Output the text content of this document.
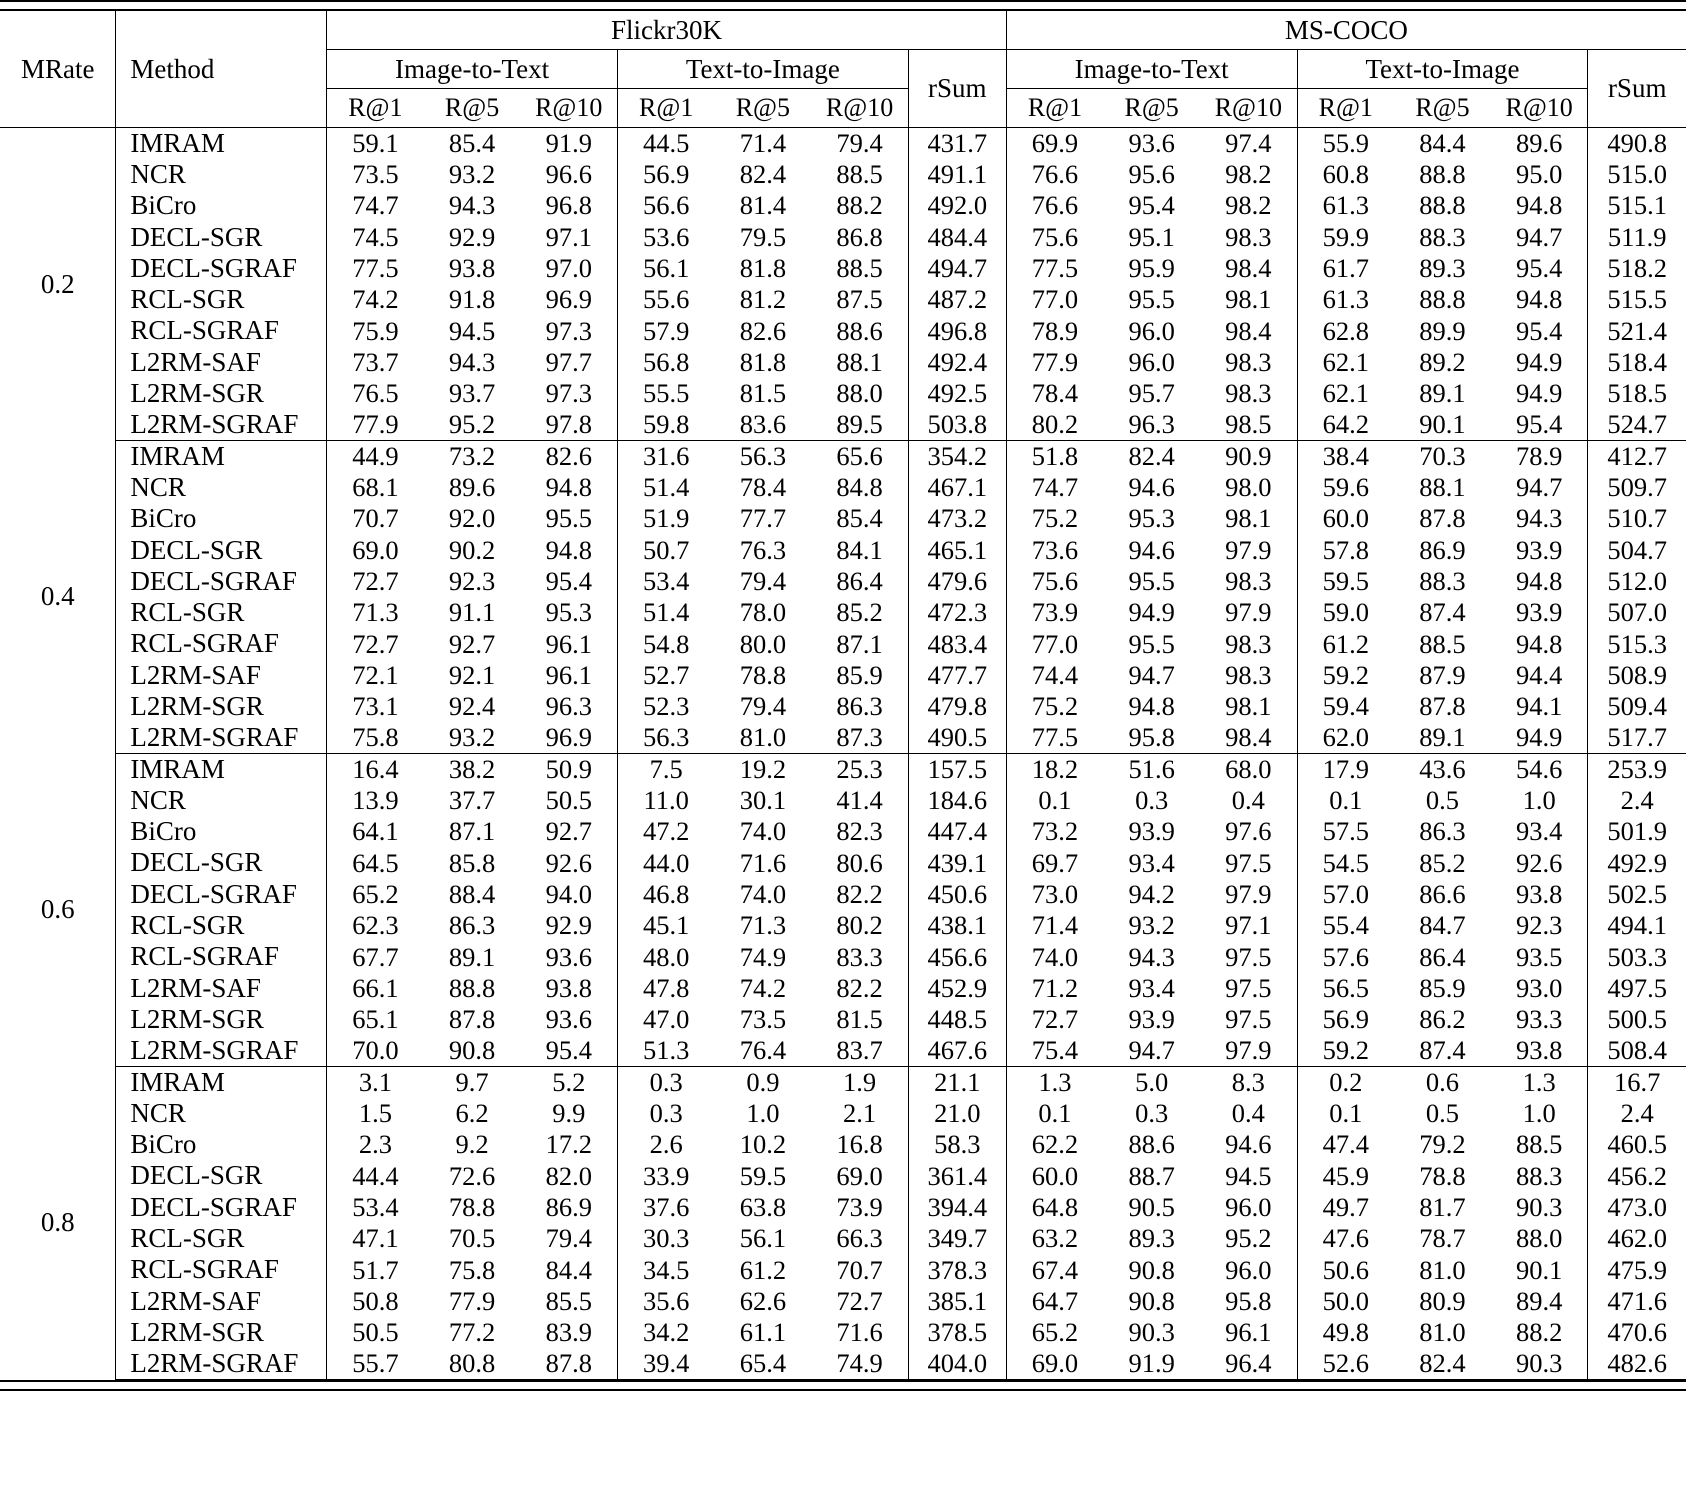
MRate	Method	Flickr30K							MS-COCO						
		Image-to-Text			Text-to-Image			rSum	Image-to-Text			Text-to-Image			rSum
		R@1	R@5	R@10	R@1	R@5	R@10		R@1	R@5	R@10	R@1	R@5	R@10	
0.2	IMRAM	59.1	85.4	91.9	44.5	71.4	79.4	431.7	69.9	93.6	97.4	55.9	84.4	89.6	490.8
	NCR	73.5	93.2	96.6	56.9	82.4	88.5	491.1	76.6	95.6	98.2	60.8	88.8	95.0	515.0
	BiCro	74.7	94.3	96.8	56.6	81.4	88.2	492.0	76.6	95.4	98.2	61.3	88.8	94.8	515.1
	DECL-SGR	74.5	92.9	97.1	53.6	79.5	86.8	484.4	75.6	95.1	98.3	59.9	88.3	94.7	511.9
	DECL-SGRAF	77.5	93.8	97.0	56.1	81.8	88.5	494.7	77.5	95.9	98.4	61.7	89.3	95.4	518.2
	RCL-SGR	74.2	91.8	96.9	55.6	81.2	87.5	487.2	77.0	95.5	98.1	61.3	88.8	94.8	515.5
	RCL-SGRAF	75.9	94.5	97.3	57.9	82.6	88.6	496.8	78.9	96.0	98.4	62.8	89.9	95.4	521.4
	L2RM-SAF	73.7	94.3	97.7	56.8	81.8	88.1	492.4	77.9	96.0	98.3	62.1	89.2	94.9	518.4
	L2RM-SGR	76.5	93.7	97.3	55.5	81.5	88.0	492.5	78.4	95.7	98.3	62.1	89.1	94.9	518.5
	L2RM-SGRAF	77.9	95.2	97.8	59.8	83.6	89.5	503.8	80.2	96.3	98.5	64.2	90.1	95.4	524.7
0.4	IMRAM	44.9	73.2	82.6	31.6	56.3	65.6	354.2	51.8	82.4	90.9	38.4	70.3	78.9	412.7
	NCR	68.1	89.6	94.8	51.4	78.4	84.8	467.1	74.7	94.6	98.0	59.6	88.1	94.7	509.7
	BiCro	70.7	92.0	95.5	51.9	77.7	85.4	473.2	75.2	95.3	98.1	60.0	87.8	94.3	510.7
	DECL-SGR	69.0	90.2	94.8	50.7	76.3	84.1	465.1	73.6	94.6	97.9	57.8	86.9	93.9	504.7
	DECL-SGRAF	72.7	92.3	95.4	53.4	79.4	86.4	479.6	75.6	95.5	98.3	59.5	88.3	94.8	512.0
	RCL-SGR	71.3	91.1	95.3	51.4	78.0	85.2	472.3	73.9	94.9	97.9	59.0	87.4	93.9	507.0
	RCL-SGRAF	72.7	92.7	96.1	54.8	80.0	87.1	483.4	77.0	95.5	98.3	61.2	88.5	94.8	515.3
	L2RM-SAF	72.1	92.1	96.1	52.7	78.8	85.9	477.7	74.4	94.7	98.3	59.2	87.9	94.4	508.9
	L2RM-SGR	73.1	92.4	96.3	52.3	79.4	86.3	479.8	75.2	94.8	98.1	59.4	87.8	94.1	509.4
	L2RM-SGRAF	75.8	93.2	96.9	56.3	81.0	87.3	490.5	77.5	95.8	98.4	62.0	89.1	94.9	517.7
0.6	IMRAM	16.4	38.2	50.9	7.5	19.2	25.3	157.5	18.2	51.6	68.0	17.9	43.6	54.6	253.9
	NCR	13.9	37.7	50.5	11.0	30.1	41.4	184.6	0.1	0.3	0.4	0.1	0.5	1.0	2.4
	BiCro	64.1	87.1	92.7	47.2	74.0	82.3	447.4	73.2	93.9	97.6	57.5	86.3	93.4	501.9
	DECL-SGR	64.5	85.8	92.6	44.0	71.6	80.6	439.1	69.7	93.4	97.5	54.5	85.2	92.6	492.9
	DECL-SGRAF	65.2	88.4	94.0	46.8	74.0	82.2	450.6	73.0	94.2	97.9	57.0	86.6	93.8	502.5
	RCL-SGR	62.3	86.3	92.9	45.1	71.3	80.2	438.1	71.4	93.2	97.1	55.4	84.7	92.3	494.1
	RCL-SGRAF	67.7	89.1	93.6	48.0	74.9	83.3	456.6	74.0	94.3	97.5	57.6	86.4	93.5	503.3
	L2RM-SAF	66.1	88.8	93.8	47.8	74.2	82.2	452.9	71.2	93.4	97.5	56.5	85.9	93.0	497.5
	L2RM-SGR	65.1	87.8	93.6	47.0	73.5	81.5	448.5	72.7	93.9	97.5	56.9	86.2	93.3	500.5
	L2RM-SGRAF	70.0	90.8	95.4	51.3	76.4	83.7	467.6	75.4	94.7	97.9	59.2	87.4	93.8	508.4
0.8	IMRAM	3.1	9.7	5.2	0.3	0.9	1.9	21.1	1.3	5.0	8.3	0.2	0.6	1.3	16.7
	NCR	1.5	6.2	9.9	0.3	1.0	2.1	21.0	0.1	0.3	0.4	0.1	0.5	1.0	2.4
	BiCro	2.3	9.2	17.2	2.6	10.2	16.8	58.3	62.2	88.6	94.6	47.4	79.2	88.5	460.5
	DECL-SGR	44.4	72.6	82.0	33.9	59.5	69.0	361.4	60.0	88.7	94.5	45.9	78.8	88.3	456.2
	DECL-SGRAF	53.4	78.8	86.9	37.6	63.8	73.9	394.4	64.8	90.5	96.0	49.7	81.7	90.3	473.0
	RCL-SGR	47.1	70.5	79.4	30.3	56.1	66.3	349.7	63.2	89.3	95.2	47.6	78.7	88.0	462.0
	RCL-SGRAF	51.7	75.8	84.4	34.5	61.2	70.7	378.3	67.4	90.8	96.0	50.6	81.0	90.1	475.9
	L2RM-SAF	50.8	77.9	85.5	35.6	62.6	72.7	385.1	64.7	90.8	95.8	50.0	80.9	89.4	471.6
	L2RM-SGR	50.5	77.2	83.9	34.2	61.1	71.6	378.5	65.2	90.3	96.1	49.8	81.0	88.2	470.6
	L2RM-SGRAF	55.7	80.8	87.8	39.4	65.4	74.9	404.0	69.0	91.9	96.4	52.6	82.4	90.3	482.6
